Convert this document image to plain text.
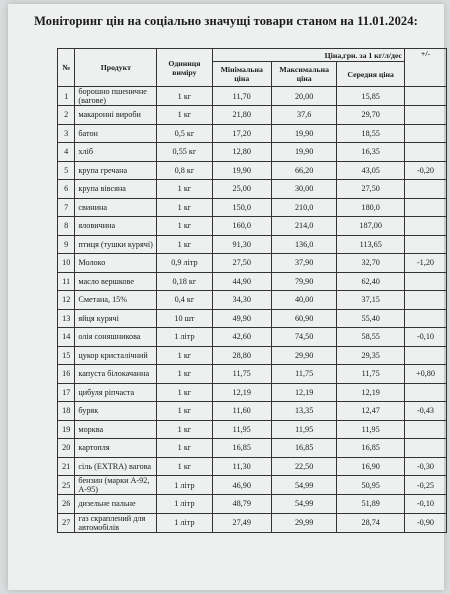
Моніторинг цін на соціально значущі товари станом на 11.01.2024:
№	Продукт	Одиниця виміру	Ціна,грн. за 1 кг/л/дес			+/-
			Мінімальна ціна	Максимальна ціна	Середня ціна	
1	борошно пшеничне (вагове)	1 кг	11,70	20,00	15,85	
2	макаронні вироби	1 кг	21,80	37,6	29,70	
3	батон	0,5 кг	17,20	19,90	18,55	
4	хліб	0,55 кг	12,80	19,90	16,35	
5	крупа гречана	0,8 кг	19,90	66,20	43,05	-0,20
6	крупа вівсяна	1 кг	25,00	30,00	27,50	
7	свинина	1 кг	150,0	210,0	180,0	
8	яловичина	1 кг	160,0	214,0	187,00	
9	птиця (тушки курячі)	1 кг	91,30	136,0	113,65	
10	Молоко	0,9 літр	27,50	37,90	32,70	-1,20
11	масло вершкове	0,18 кг	44,90	79,90	62,40	
12	Сметана, 15%	0,4 кг	34,30	40,00	37,15	
13	яйця курячі	10 шт	49,90	60,90	55,40	
14	олія соняшникова	1 літр	42,60	74,50	58,55	-0,10
15	цукор кристалічний	1 кг	28,80	29,90	29,35	
16	капуста білокачанна	1 кг	11,75	11,75	11,75	+0,80
17	цибуля ріпчаста	1 кг	12,19	12,19	12,19	
18	буряк	1 кг	11,60	13,35	12,47	-0,43
19	морква	1 кг	11,95	11,95	11,95	
20	картопля	1 кг	16,85	16,85	16,85	
21	сіль (EXTRA) вагова	1 кг	11,30	22,50	16,90	-0,30
25	бензин (марки А-92, А-95)	1 літр	46,90	54,99	50,95	-0,25
26	дизельне пальне	1 літр	48,79	54,99	51,89	-0,10
27	газ скраплений для автомобілів	1 літр	27,49	29,99	28,74	-0,90
